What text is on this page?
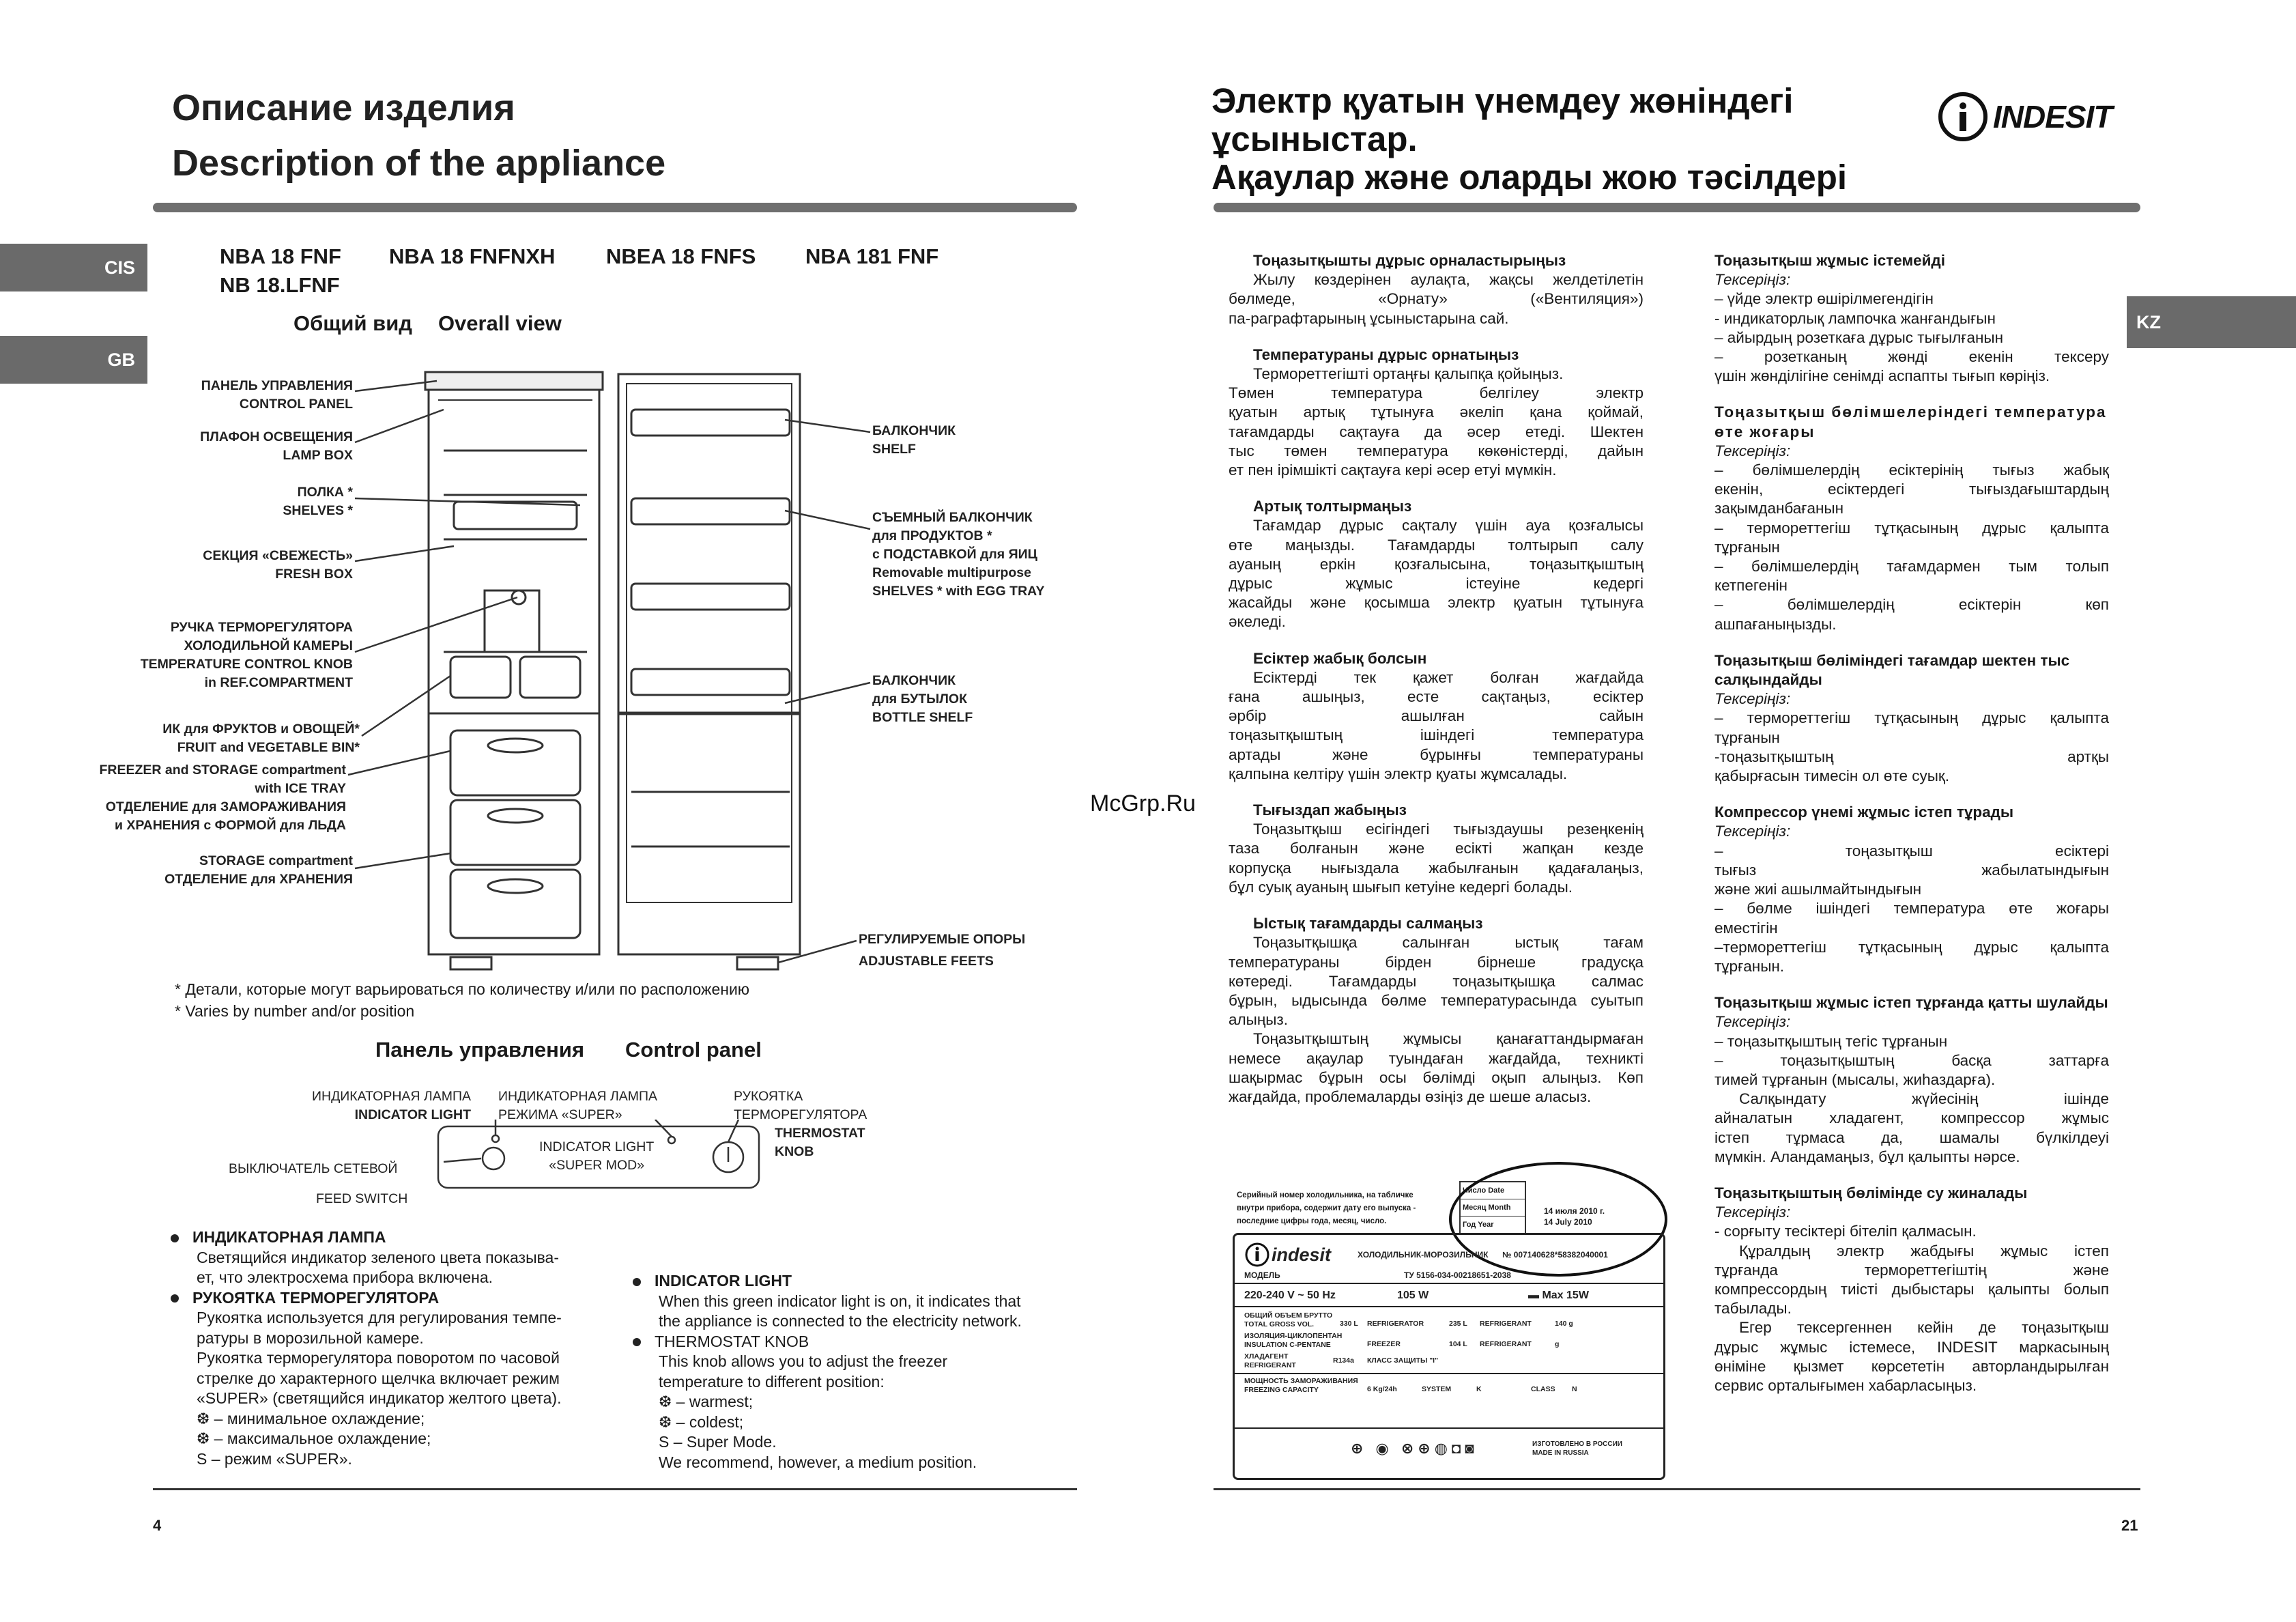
CIS
GB
Описание изделия
Description of the appliance
NBA 18 FNF NBA 18 FNFNXH NBEA 18 FNFS NBA 181 FNF

NB 18.LFNF
Общий вид Overall view
ПАНЕЛЬ УПРАВЛЕНИЯ
CONTROL PANEL
ПЛАФОН ОСВЕЩЕНИЯ
LAMP BOX
ПОЛКА *
SHELVES *
СЕКЦИЯ «СВЕЖЕСТЬ»
FRESH BOX
РУЧКА ТЕРМОРЕГУЛЯТОРА
ХОЛОДИЛЬНОЙ КАМЕРЫ
TEMPERATURE CONTROL KNOB
in REF.COMPARTMENT
ИК для ФРУКТОВ и ОВОЩЕЙ*
FRUIT and VEGETABLE BIN*
FREEZER and STORAGE compartment
with ICE TRAY
ОТДЕЛЕНИЕ для ЗАМОРАЖИВАНИЯ
и ХРАНЕНИЯ с ФОРМОЙ для ЛЬДА
STORAGE compartment
ОТДЕЛЕНИЕ для ХРАНЕНИЯ
БАЛКОНЧИК
SHELF
СЪЕМНЫЙ БАЛКОНЧИК
для ПРОДУКТОВ *
с ПОДСТАВКОЙ для ЯИЦ
Removable multipurpose
SHELVES * with EGG TRAY
БАЛКОНЧИК
для БУТЫЛОК
BOTTLE SHELF
РЕГУЛИРУЕМЫЕ ОПОРЫ
ADJUSTABLE FEETS
* Детали, которые могут варьироваться по количеству и/или по расположению
* Varies by number and/or position
Панель управления Control panel
ИНДИКАТОРНАЯ ЛАМПА
INDICATOR LIGHT
ИНДИКАТОРНАЯ ЛАМПА
РЕЖИМА «SUPER»
РУКОЯТКА
ТЕРМОРЕГУЛЯТОРА
THERMOSTAT
KNOB
INDICATOR LIGHT
«SUPER MOD»
ВЫКЛЮЧАТЕЛЬ СЕТЕВОЙ
FEED SWITCH
ИНДИКАТОРНАЯ ЛАМПА
Светящийся индикатор зеленого цвета показыва-
ет, что электросхема прибора включена.
РУКОЯТКА ТЕРМОРЕГУЛЯТОРА
Рукоятка используется для регулирования темпе-
ратуры в морозильной камере.
Рукоятка терморегулятора поворотом по часовой
стрелке до характерного щелчка включает режим
«SUPER» (светящийся индикатор желтого цвета).
❆ – минимальное охлаждение;
❆ – максимальное охлаждение;
S – режим «SUPER».
INDICATOR LIGHT
When this green indicator light is on, it indicates that
the appliance is connected to the electricity network.
THERMOSTAT KNOB
This knob allows you to adjust the freezer
temperature to different position:
❆ – warmest;
❆ – coldest;
S – Super Mode.
We recommend, however, a medium position.
4
Электр қуатын үнемдеу жөніндегі
ұсыныстар.
Ақаулар және оларды жою тәсілдері
INDESIT
KZ
McGrp.Ru

Тоңазытқышты дұрыс орналастырыңыз

Жылу көздерінен аулақта, жақсы желдетілетін

бөлмеде, «Орнату» («Вентиляция»)

па-раграфтарының ұсыныстарына сай.

Температураны дұрыс орнатыңыз

Термореттегішті ортаңғы қалыпқа қойыңыз.

Төмен температура белгілеу электр

қуатын артық тұтынуға әкеліп қана қоймай,

тағамдарды сақтауға да әсер етеді. Шектен

тыс төмен температура көкөністерді, дайын

ет пен ірімшікті сақтауға кері әсер етуі мүмкін.

Артық толтырмаңыз

Тағамдар дұрыс сақталу үшін ауа қозғалысы

өте маңызды. Тағамдарды толтырып салу

ауаның еркін қозғалысына, тоңазытқыштың

дұрыс жұмыс істеуіне кедергі

жасайды және қосымша электр қуатын тұтынуға

әкеледі.

Есіктер жабық болсын

Есіктерді тек қажет болған жағдайда

ғана ашыңыз, есте сақтаңыз, есіктер

әрбір ашылған сайын

тоңазытқыштың ішіндегі температура

артады және бұрынғы температураны

қалпына келтіру үшін электр қуаты жұмсалады.

Тығыздап жабыңыз

Тоңазытқыш есігіндегі тығыздаушы резеңкенің

таза болғанын және есікті жапқан кезде

корпусқа нығыздала жабылғанын қадағалаңыз,

бұл суық ауаның шығып кетуіне кедергі болады.

Ыстық тағамдарды салмаңыз

Тоңазытқышқа салынған ыстық тағам

температураны бірден бірнеше градусқа

көтереді. Тағамдарды тоңазытқышқа салмас

бұрын, ыдысында бөлме температурасында суытып

алыңыз.

Тоңазытқыштың жұмысы қанағаттандырмаған

немесе ақаулар туындаған жағдайда, техникті

шақырмас бұрын осы бөлімді оқып алыңыз. Көп

жағдайда, проблемаларды өзіңіз де шеше аласыз.

Тоңазытқыш жұмыс істемейді

Тексеріңіз:

– үйде электр өшірілмегендігін

- индикаторлық лампочка жанғандығын

– айырдың розеткаға дұрыс тығылғанын

– розетканың жөнді екенін тексеру

үшін жөнділігіне сенімді аспапты тығып көріңіз.

Тоңазытқыш бөлімшелеріндегі температура өте жоғары

Тексеріңіз:

– бөлімшелердің есіктерінің тығыз жабық

екенін, есіктердегі тығыздағыштардың

зақымданбағанын

– термореттегіш тұтқасының дұрыс қалыпта

тұрғанын

– бөлімшелердің тағамдармен тым толып

кетпегенін

– бөлімшелердің есіктерін көп

ашпағаныңызды.

Тоңазытқыш бөліміндегі тағамдар шектен тыс салқындайды

Тексеріңіз:

– термореттегіш тұтқасының дұрыс қалыпта

тұрғанын

-тоңазытқыштың артқы

қабырғасын тимесін ол өте суық.

Компрессор үнемі жұмыс істеп тұрады

Тексеріңіз:

– тоңазытқыш есіктері

тығыз жабылатындығын

және жиі ашылмайтындығын

– бөлме ішіндегі температура өте жоғары

еместігін

–термореттегіш тұтқасының дұрыс қалыпта

тұрғанын.

Тоңазытқыш жұмыс істеп тұрғанда қатты шулайды

Тексеріңіз:

– тоңазытқыштың тегіс тұрғанын

– тоңазытқыштың басқа заттарға

тимей тұрғанын (мысалы, жиһаздарға).

Салқындату жүйесінің ішінде

айналатын хладагент, компрессор жұмыс

істеп тұрмаса да, шамалы бүлкілдеуі

мүмкін. Аландамаңыз, бұл қалыпты нәрсе.

Тоңазытқыштың бөлімінде су жиналады

Тексеріңіз:

- сорғыту тесіктері бітеліп қалмасын.

Құралдың электр жабдығы жұмыс істеп

тұрғанда термореттегіштің және

компрессордың тиісті дыбыстары қалыпты болып

табылады.

Егер тексергеннен кейін де тоңазытқыш

дұрыс жұмыс істемесе, INDESIT маркасының

өніміне қызмет көрсететін авторландырылған

сервис орталығымен хабарласыңыз.

Серийный номер холодильника, на табличке
внутри прибора, содержит дату его выпуска -
последние цифры года, месяц, число.
Число Date
Месяц Month
Год Year
14 июля 2010 г.
14 July 2010
indesit	ХОЛОДИЛЬНИК-МОРОЗИЛЬНИК № 007140628*58382040001
МОДЕЛЬ	ТУ 5156-034-00218651-2038
220-240 V ~ 50 Hz	105 W	▬ Max 15W
ОБЩИЙ ОБЪЕМ БРУТТО
TOTAL GROSS VOL.	330 L	REFRIGERATOR	235 L	REFRIGERANT	140 g
ИЗОЛЯЦИЯ-ЦИКЛОПЕНТАН
INSULATION C-PENTANE	FREEZER	104 L	REFRIGERANT	g
ХЛАДАГЕНТ
REFRIGERANT
R134a	КЛАСС ЗАЩИТЫ "I"
МОЩНОСТЬ ЗАМОРАЖИВАНИЯ
FREEZING CAPACITY	6 Kg/24h	SYSTEM	K	CLASS	N
⊕ ◉ ⊗⊕◍◘◙	ИЗГОТОВЛЕНО В РОССИИ
MADE IN RUSSIA
21
